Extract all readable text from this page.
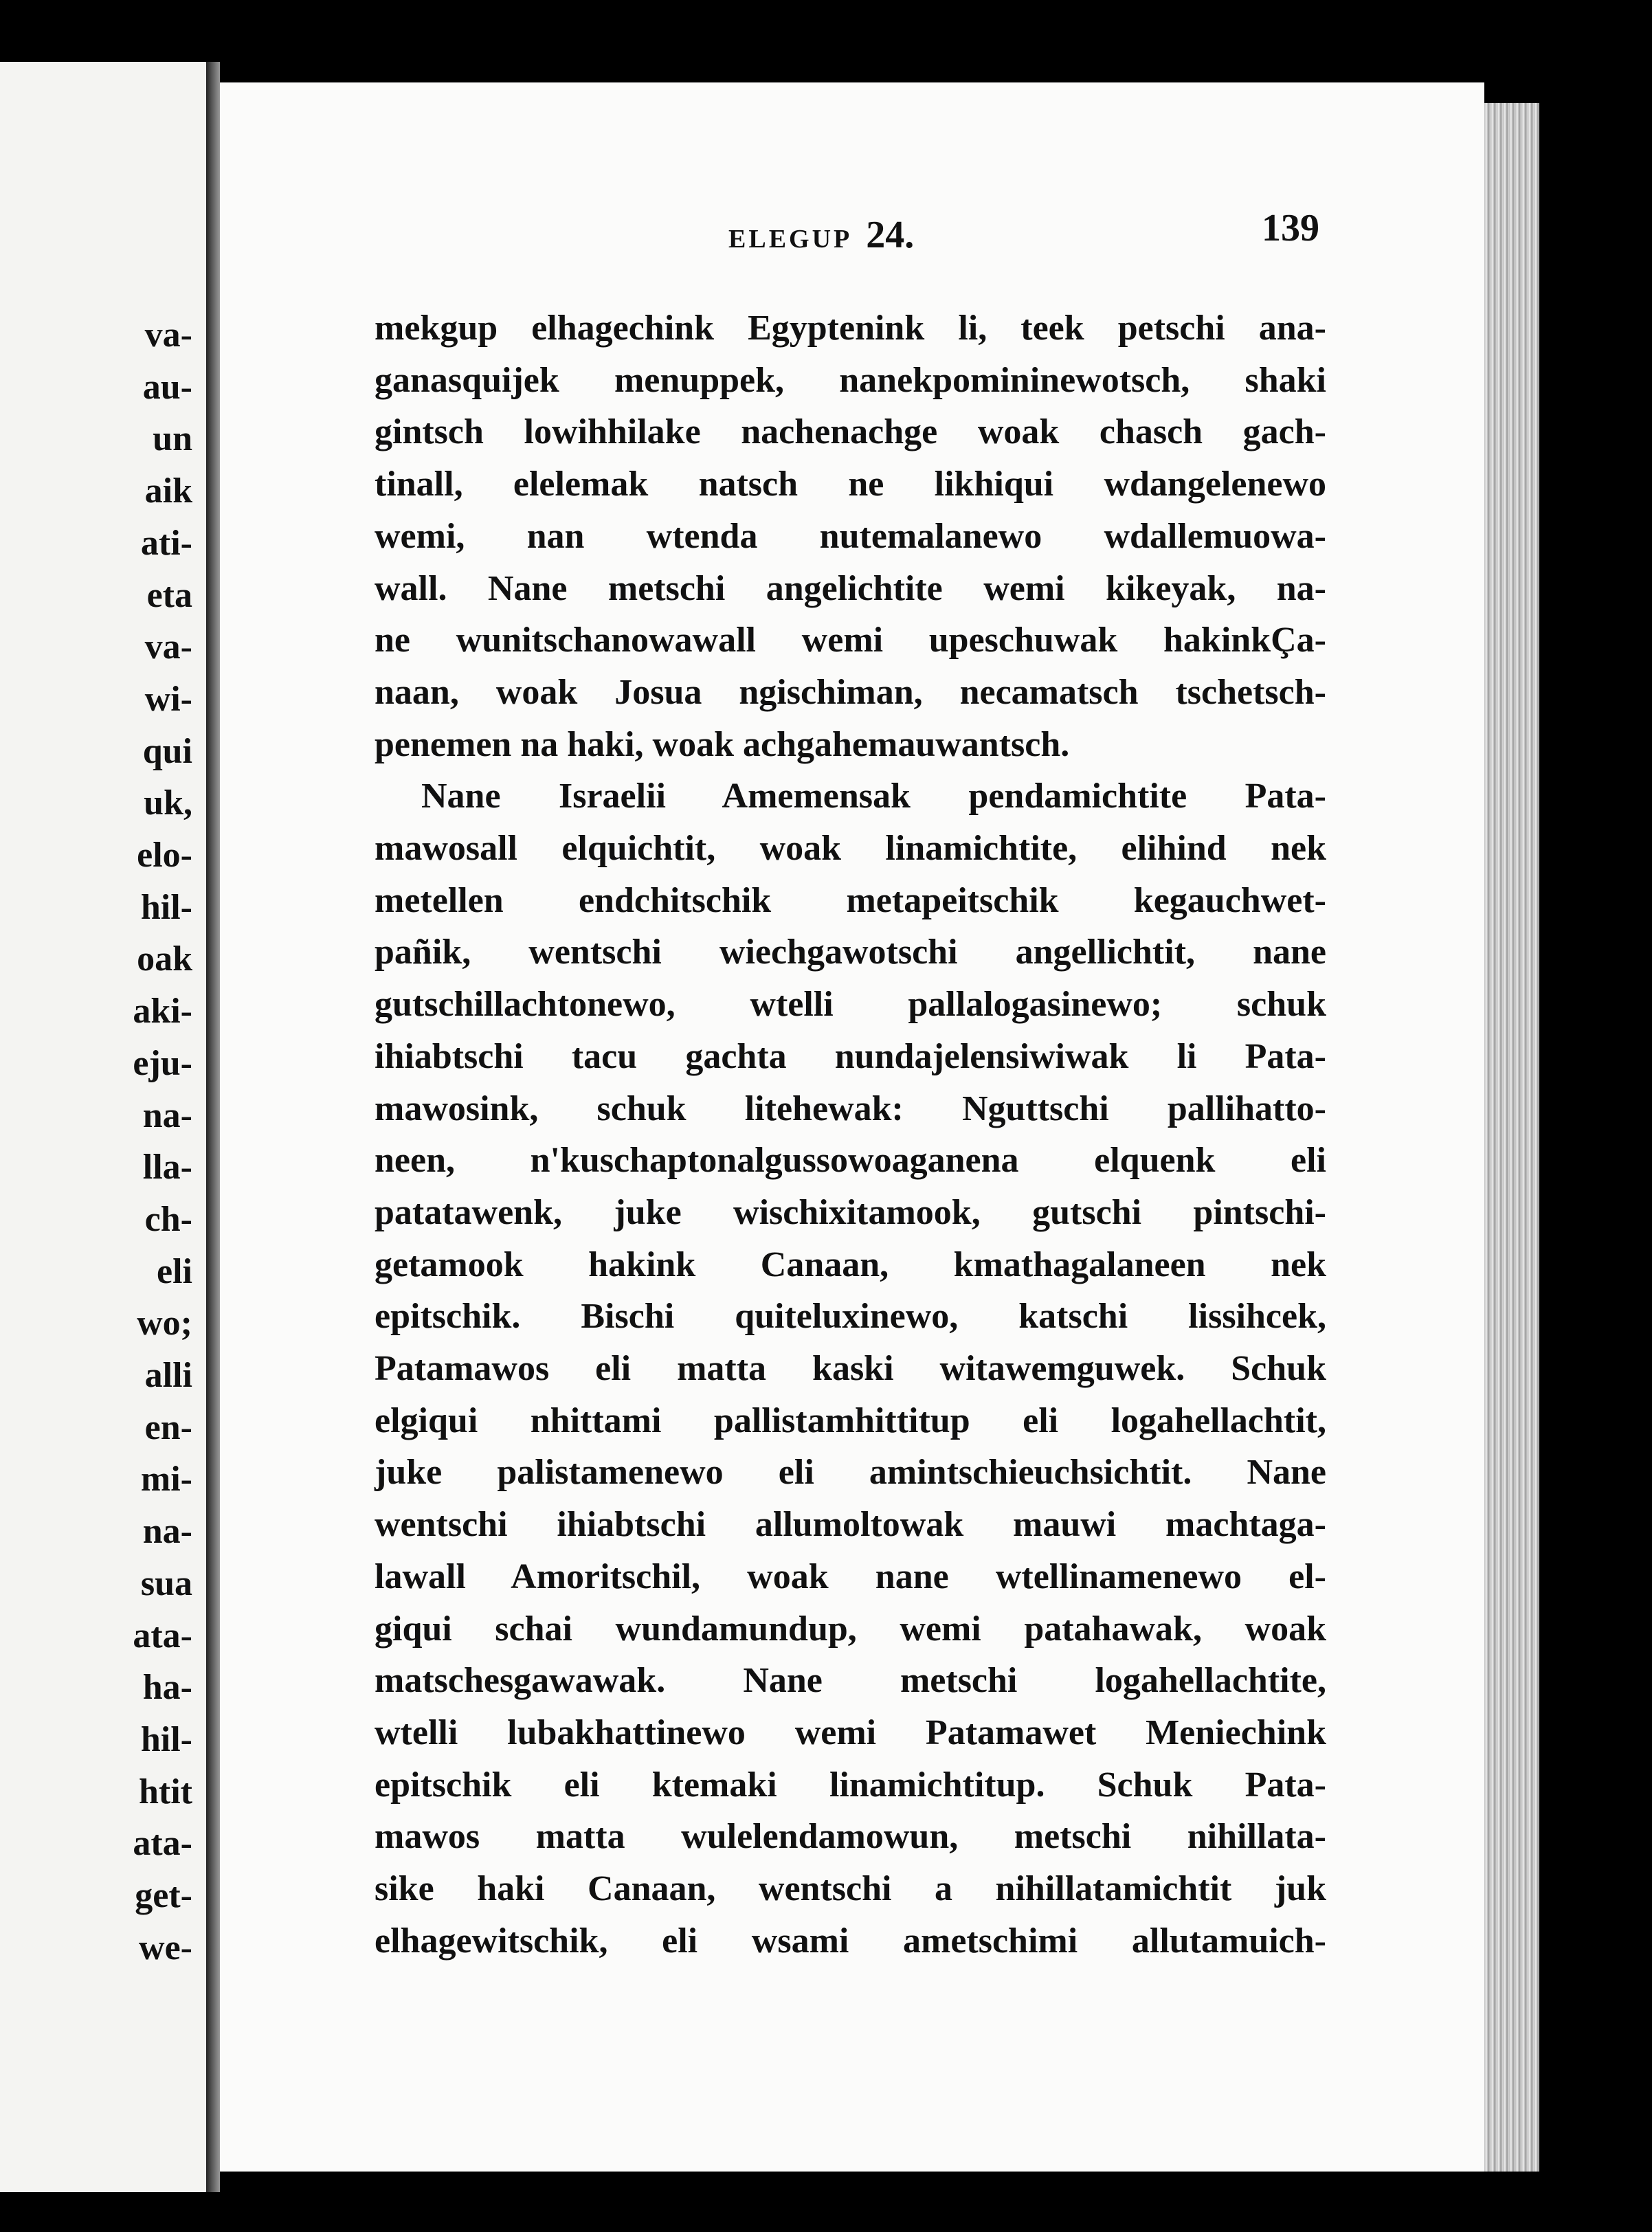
va-
au-
un
aik
ati-
eta
va-
wi-
qui
uk,
elo-
hil-
oak
aki-
eju-
na-
lla-
ch-
eli
wo;
alli
en-
mi-
na-
sua
ata-
ha-
hil-
htit
ata-
get-
we-
ELEGUP 24.	139
mekgup elhagechink Egyptenink li, teek petschi ana-
ganasquijek menuppek, nanekpomininewotsch, shaki
gintsch lowihhilake nachenachge woak chasch gach-
tinall, elelemak natsch ne likhiqui wdangelenewo
wemi, nan wtenda nutemalanewo wdallemuowa-
wall. Nane metschi angelichtite wemi kikeyak, na-
ne wunitschanowawall wemi upeschuwak hakinkÇa-
naan, woak Josua ngischiman, necamatsch tschetsch-
penemen na haki, woak achgahemauwantsch.
Nane Israelii Amemensak pendamichtite Pata-
mawosall elquichtit, woak linamichtite, elihind nek
metellen endchitschik metapeitschik kegauchwet-
pañik, wentschi wiechgawotschi angellichtit, nane
gutschillachtonewo, wtelli pallalogasinewo; schuk
ihiabtschi tacu gachta nundajelensiwiwak li Pata-
mawosink, schuk litehewak: Nguttschi pallihatto-
neen, n'kuschaptonalgussowoaganena elquenk eli
patatawenk, juke wischixitamook, gutschi pintschi-
getamook hakink Canaan, kmathagalaneen nek
epitschik. Bischi quiteluxinewo, katschi lissihcek,
Patamawos eli matta kaski witawemguwek. Schuk
elgiqui nhittami pallistamhittitup eli logahellachtit,
juke palistamenewo eli amintschieuchsichtit. Nane
wentschi ihiabtschi allumoltowak mauwi machtaga-
lawall Amoritschil, woak nane wtellinamenewo el-
giqui schai wundamundup, wemi patahawak, woak
matschesgawawak. Nane metschi logahellachtite,
wtelli lubakhattinewo wemi Patamawet Meniechink
epitschik eli ktemaki linamichtitup. Schuk Pata-
mawos matta wulelendamowun, metschi nihillata-
sike haki Canaan, wentschi a nihillatamichtit juk
elhagewitschik, eli wsami ametschimi allutamuich-
